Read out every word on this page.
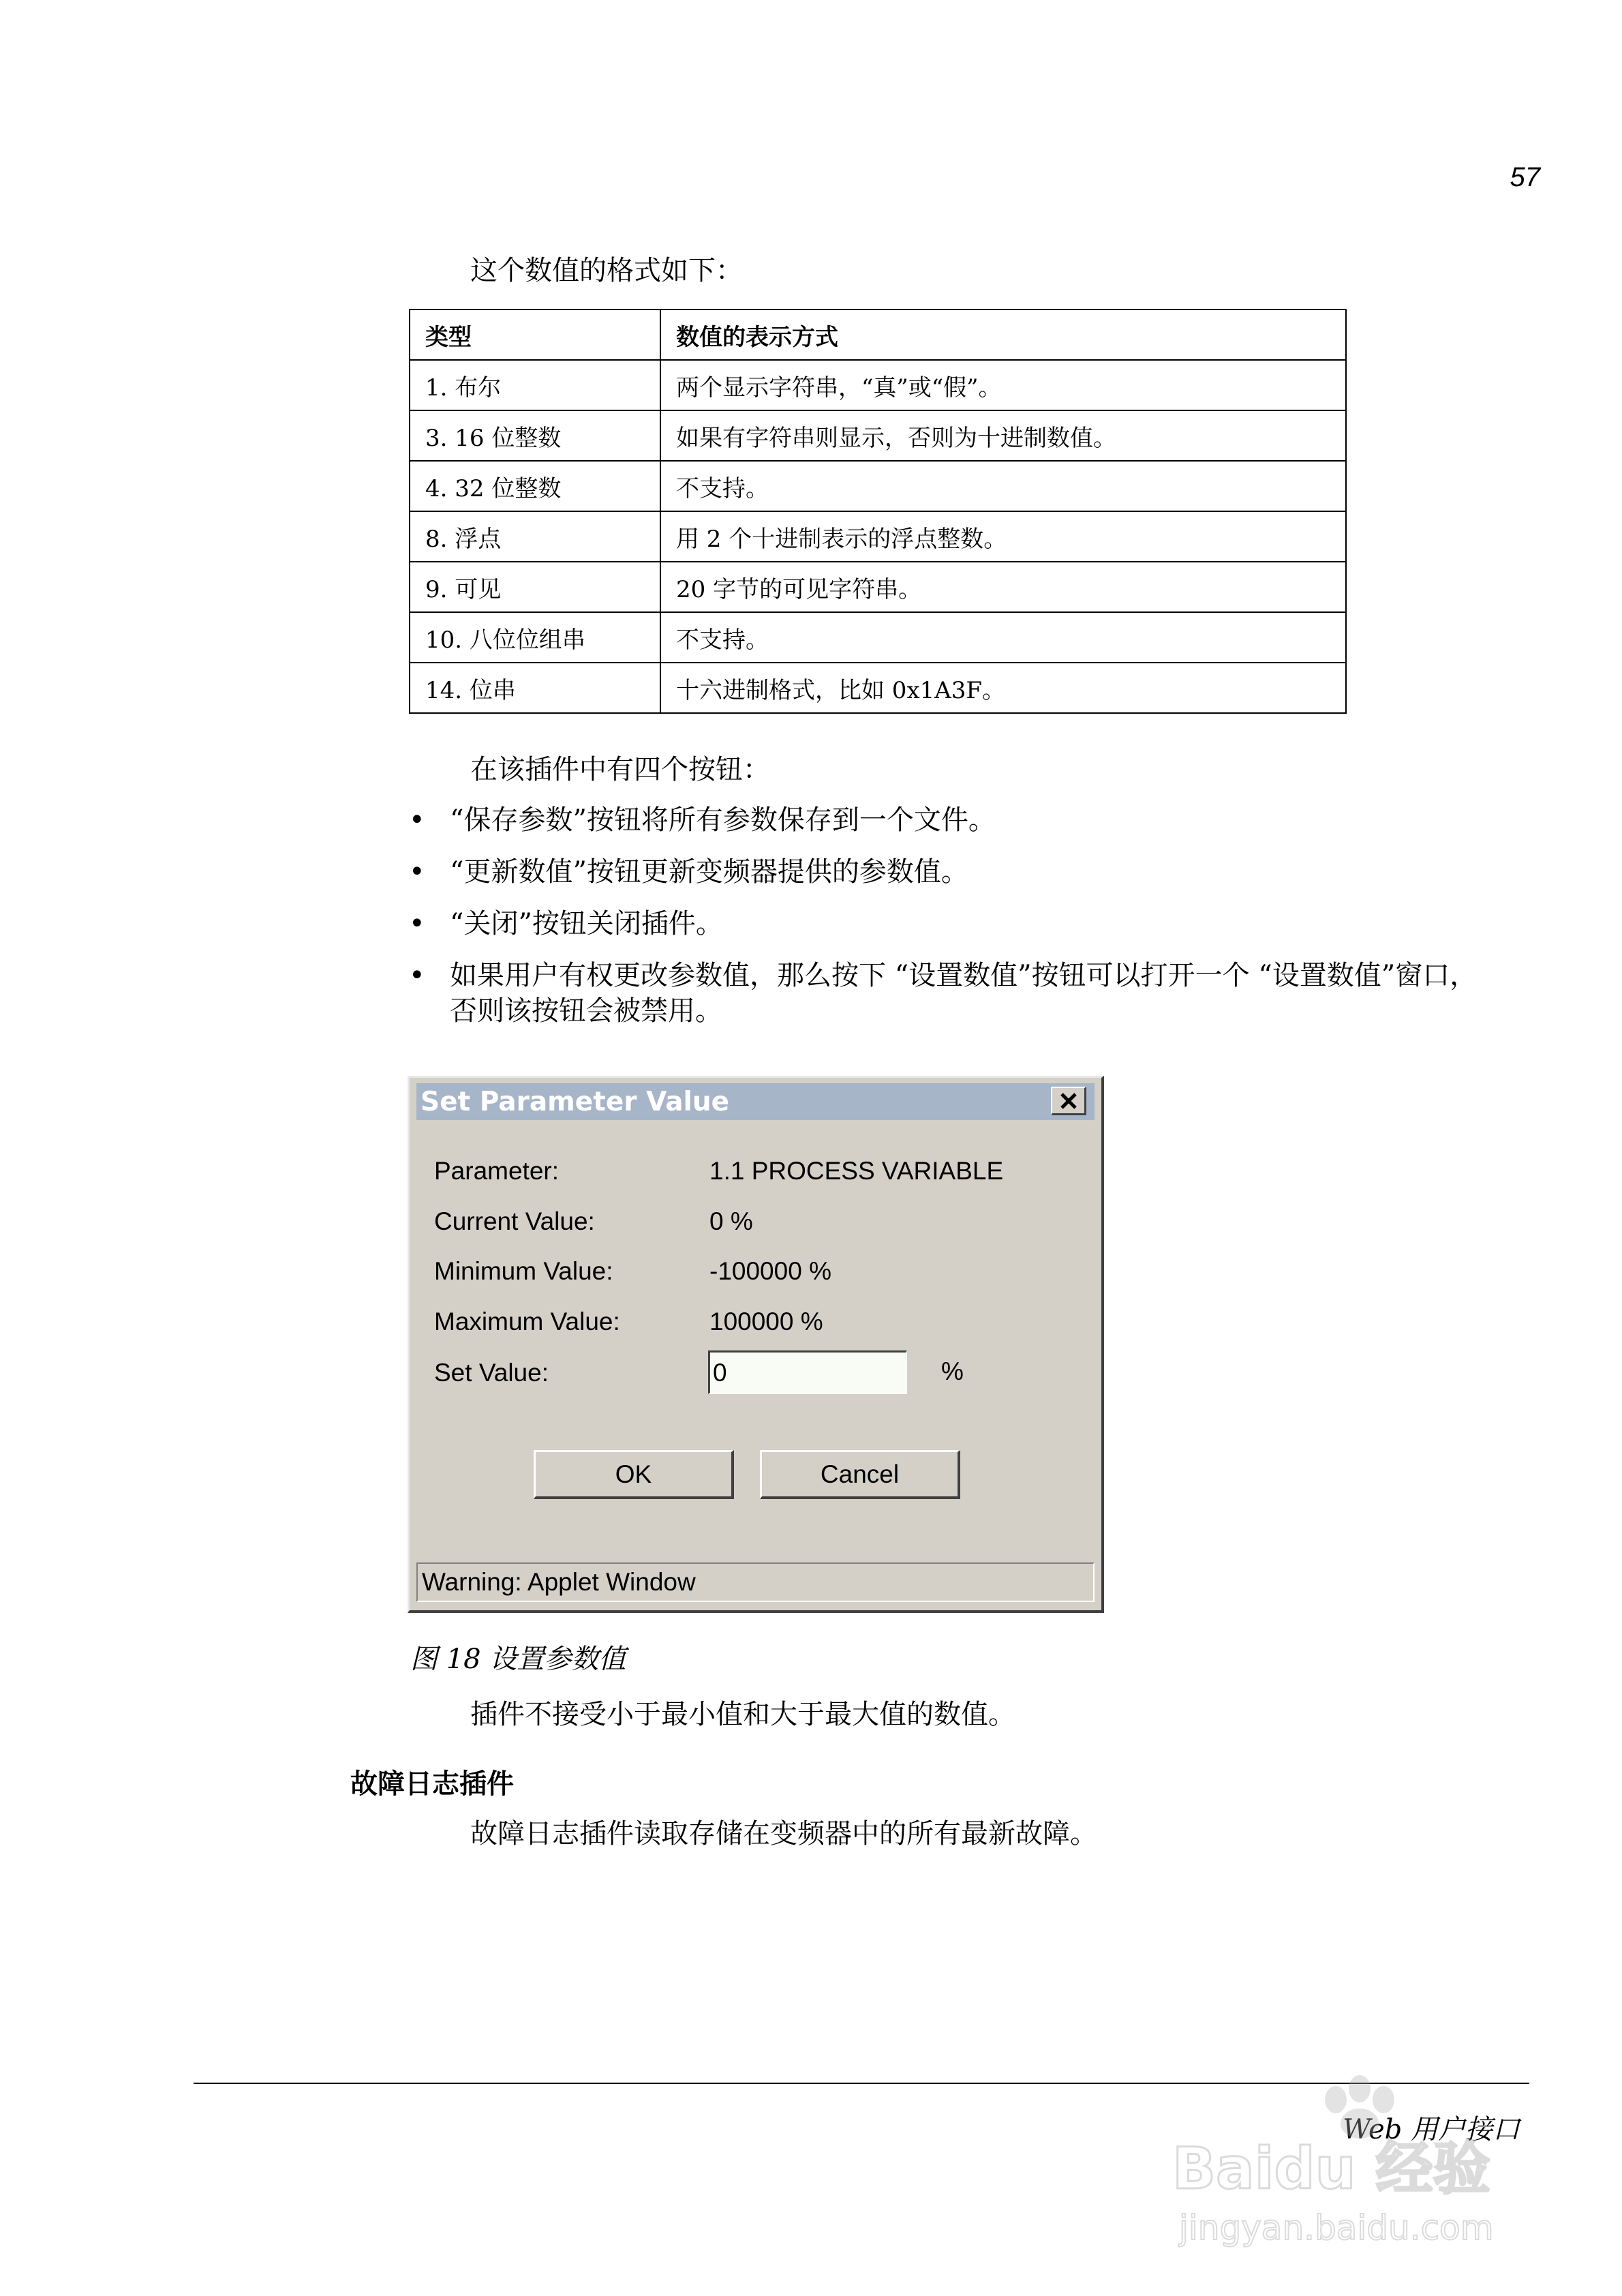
57

这个数值的格式如下：

类型	数值的表示方式
1. 布尔	两个显示字符串，“真”或“假”。
3. 16 位整数	如果有字符串则显示，否则为十进制数值。
4. 32 位整数	不支持。
8. 浮点	用 2 个十进制表示的浮点整数。
9. 可见	20 字节的可见字符串。
10. 八位位组串	不支持。
14. 位串	十六进制格式，比如 0x1A3F。

在该插件中有四个按钮：

• “保存参数”按钮将所有参数保存到一个文件。
• “更新数值”按钮更新变频器提供的参数值。
• “关闭”按钮关闭插件。
• 如果用户有权更改参数值，那么按下 “设置数值”按钮可以打开一个 “设置数值”窗口，否则该按钮会被禁用。
Set Parameter Value
Parameter:	1.1 PROCESS VARIABLE
Current Value:	0 %
Minimum Value:	-100000 %
Maximum Value:	100000 %
Set Value:
0	%
OK	Cancel
Warning: Applet Window
图 18 设置参数值

插件不接受小于最小值和大于最大值的数值。

故障日志插件

故障日志插件读取存储在变频器中的所有最新故障。

Web 用户接口
Baidu 经验
jingyan.baidu.com
